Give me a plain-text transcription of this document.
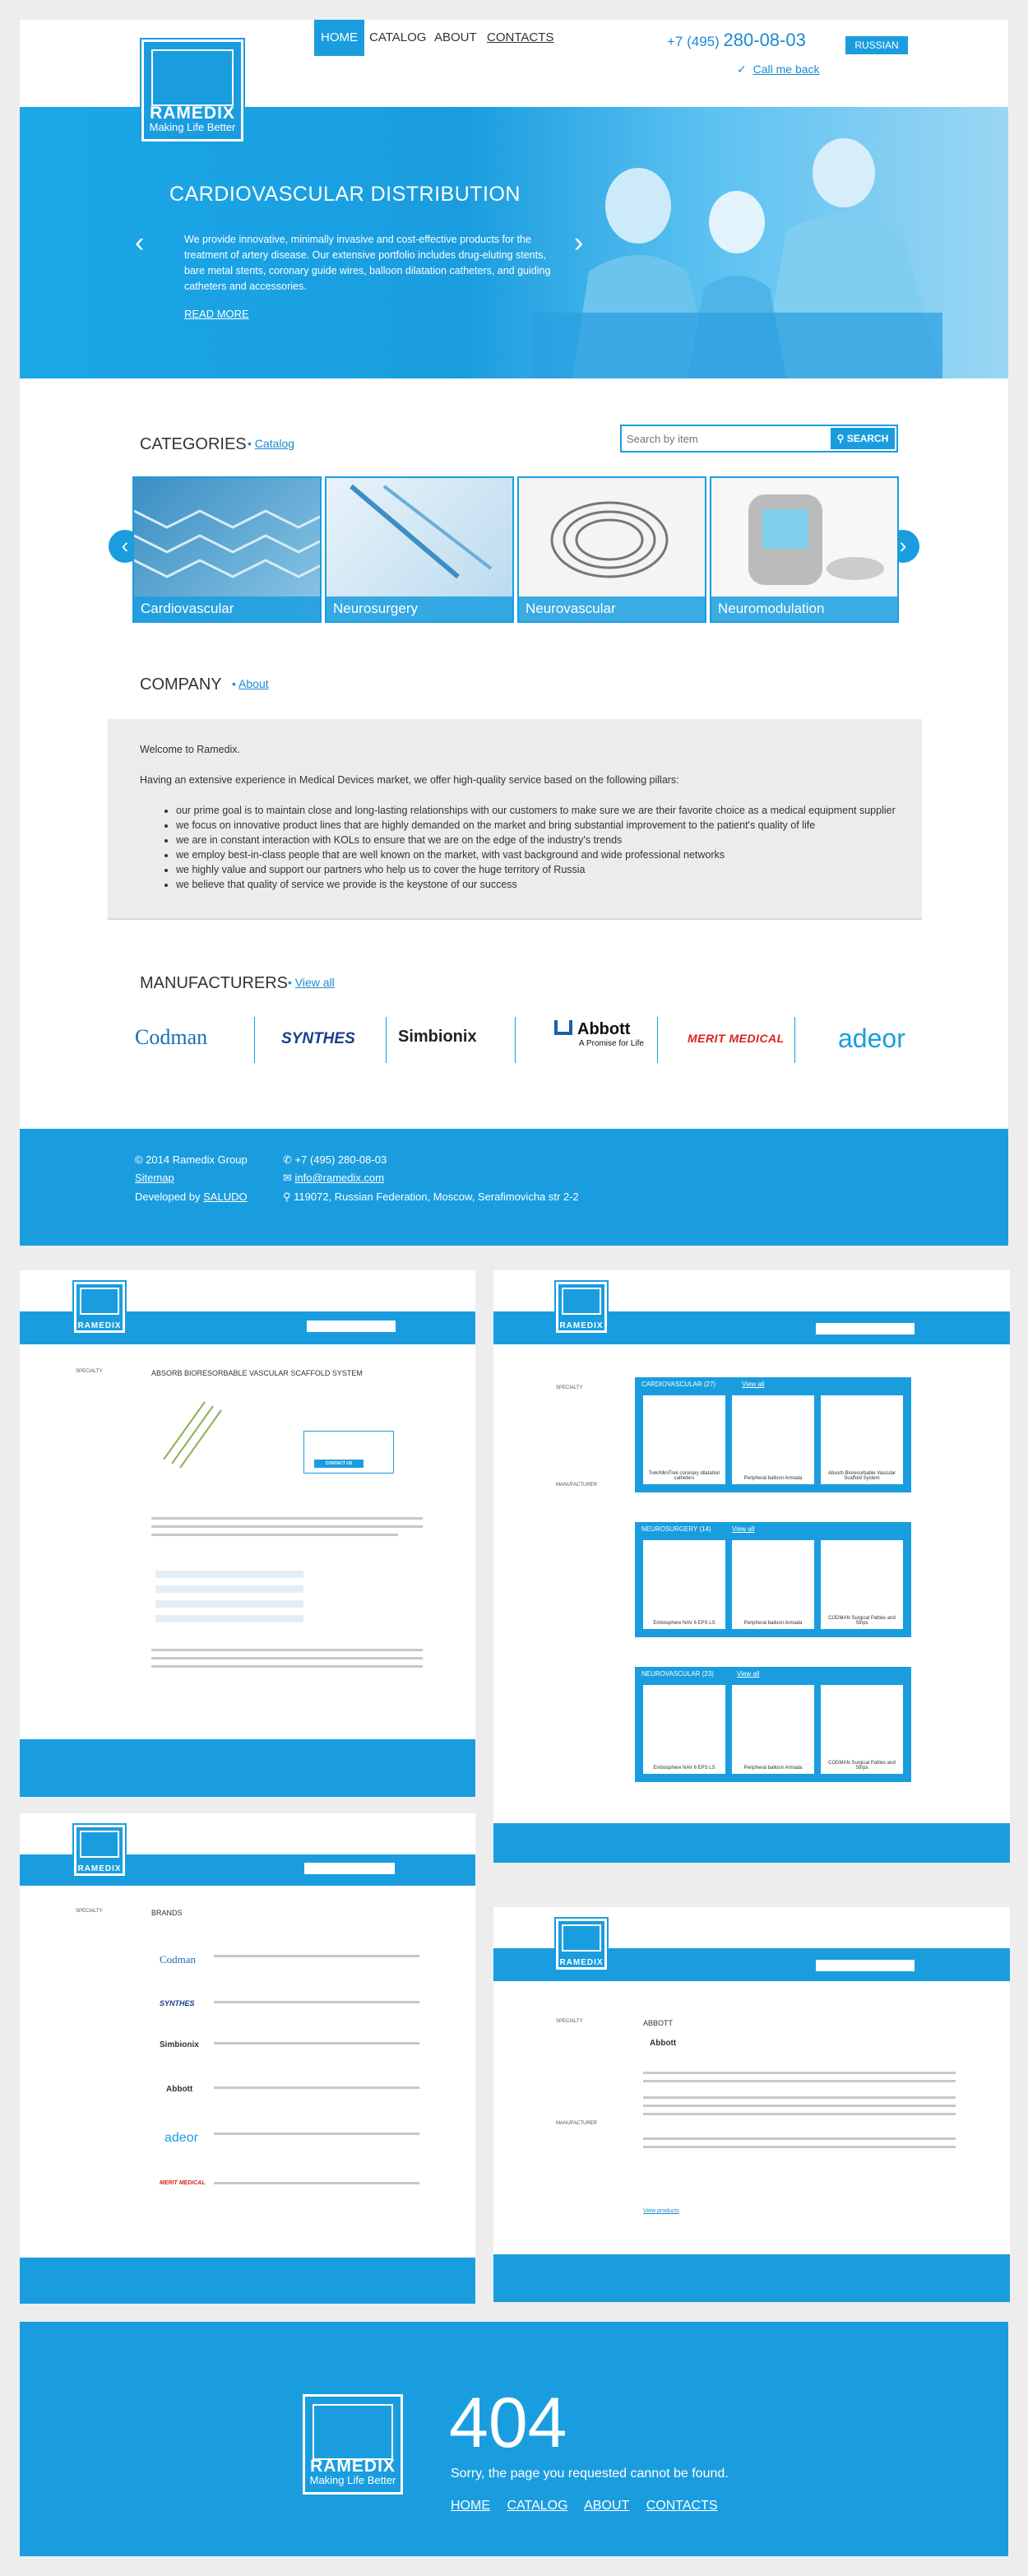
RAMEDIX
Making Life Better
HOME CATALOG ABOUT CONTACTS	+7 (495) 280-08-03
✓ Call me back
RUSSIAN
‹	›
CARDIOVASCULAR DISTRIBUTION
We provide innovative, minimally invasive and cost-effective products for the treatment of artery disease. Our extensive portfolio includes drug-eluting stents, bare metal stents, coronary guide wires, balloon dilatation catheters, and guiding catheters and accessories.
READ MORE
CATEGORIES • Catalog
Search by item	⚲ SEARCH
‹	›
Cardiovascular	Neurosurgery	Neurovascular	Neuromodulation
COMPANY • About
Welcome to Ramedix.
Having an extensive experience in Medical Devices market, we offer high-quality service based on the following pillars:
• our prime goal is to maintain close and long-lasting relationships with our customers to make sure we are their favorite choice as a medical equipment supplier
• we focus on innovative product lines that are highly demanded on the market and bring substantial improvement to the patient's quality of life
• we are in constant interaction with KOLs to ensure that we are on the edge of the industry's trends
• we employ best-in-class people that are well known on the market, with vast background and wide professional networks
• we highly value and support our partners who help us to cover the huge territory of Russia
• we believe that quality of service we provide is the keystone of our success
MANUFACTURERS • View all
Codman	SYNTHES	Simbionix	Abbott
A Promise for Life	MERIT MEDICAL adeor
© 2014 Ramedix Group
Sitemap
Developed by SALUDO
✆ +7 (495) 280-08-03
✉ info@ramedix.com
⚲ 119072, Russian Federation, Moscow, Serafimovicha str 2-2
RAMEDIX
ABSORB BIORESORBABLE VASCULAR SCAFFOLD SYSTEM
SPECIALTY
CONTACT US
RAMEDIX
SPECIALTY
MANUFACTURER
CARDIOVASCULAR (27)	View all
Trek/MiniTrek coronary dilatation catheters	Peripheral balloon Armada
Absorb Bioresorbable Vascular Scaffold System
NEUROSURGERY (14)	View all
Embosphere NAV 6 EPS LS	Peripheral balloon Armada
CODMAN Surgical Patties and Strips
NEUROVASCULAR (23)	View all
Embosphere NAV 6 EPS LS	Peripheral balloon Armada
CODMAN Surgical Patties and Strips
RAMEDIX
SPECIALTY	BRANDS
Codman
SYNTHES
Simbionix
Abbott
adeor
MERIT MEDICAL
RAMEDIX
SPECIALTY
MANUFACTURER
ABBOTT
Abbott
View products
RAMEDIX
Making Life Better
404
Sorry, the page you requested cannot be found.
HOME CATALOG ABOUT CONTACTS
